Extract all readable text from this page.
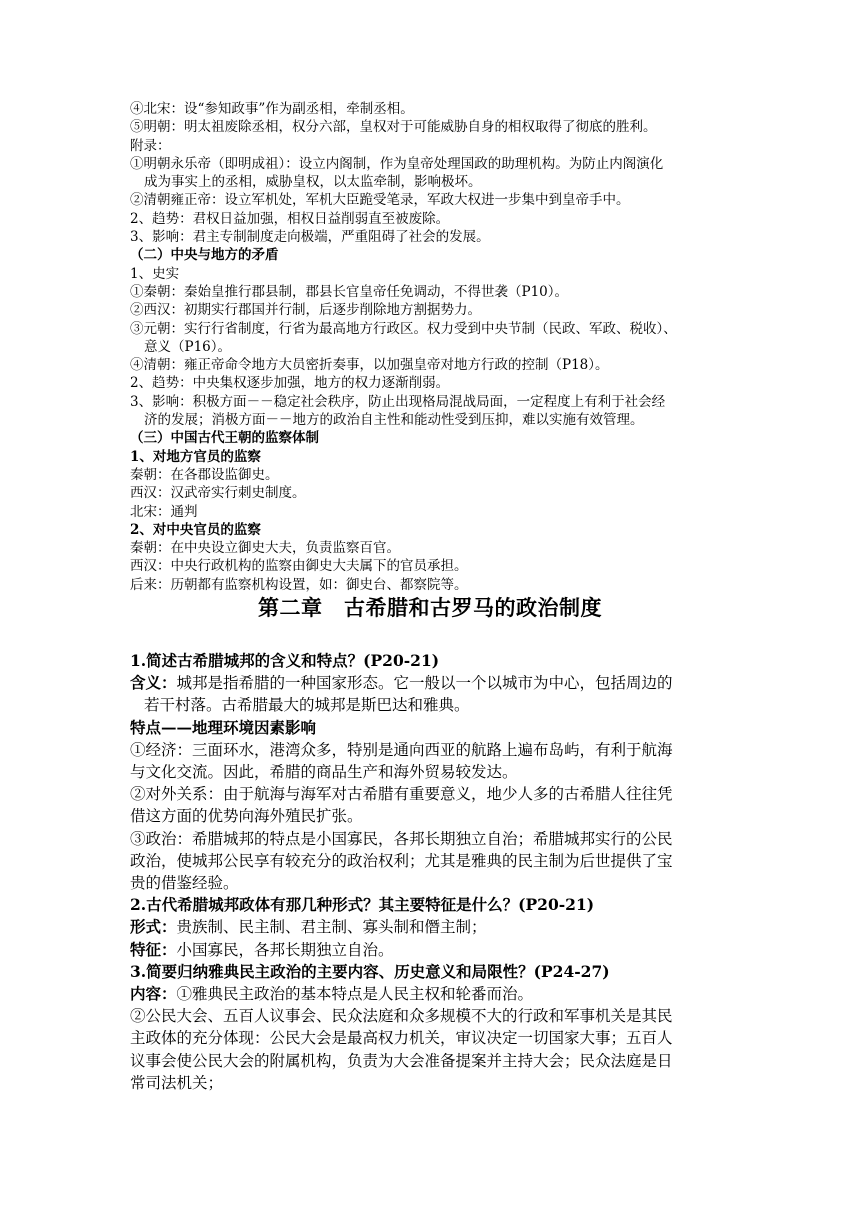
④北宋：设“参知政事”作为副丞相，牵制丞相。
⑤明朝：明太祖废除丞相，权分六部，皇权对于可能威胁自身的相权取得了彻底的胜利。
附录：
①明朝永乐帝（即明成祖）：设立内阁制，作为皇帝处理国政的助理机构。为防止内阁演化
成为事实上的丞相，威胁皇权，以太监牵制，影响极坏。
②清朝雍正帝：设立军机处，军机大臣跪受笔录，军政大权进一步集中到皇帝手中。
2、趋势：君权日益加强，相权日益削弱直至被废除。
3、影响：君主专制制度走向极端，严重阻碍了社会的发展。
（二）中央与地方的矛盾
1、史实
①秦朝：秦始皇推行郡县制，郡县长官皇帝任免调动，不得世袭（P10）。
②西汉：初期实行郡国并行制，后逐步削除地方割据势力。
③元朝：实行行省制度，行省为最高地方行政区。权力受到中央节制（民政、军政、税收）、
意义（P16）。
④清朝：雍正帝命令地方大员密折奏事，以加强皇帝对地方行政的控制（P18）。
2、趋势：中央集权逐步加强，地方的权力逐渐削弱。
3、影响：积极方面－－稳定社会秩序，防止出现格局混战局面，一定程度上有利于社会经
济的发展；消极方面－－地方的政治自主性和能动性受到压抑，难以实施有效管理。
（三）中国古代王朝的监察体制
1、对地方官员的监察
秦朝：在各郡设监御史。
西汉：汉武帝实行刺史制度。
北宋：通判
2、对中央官员的监察
秦朝：在中央设立御史大夫，负责监察百官。
西汉：中央行政机构的监察由御史大夫属下的官员承担。
后来：历朝都有监察机构设置，如：御史台、都察院等。
第二章　古希腊和古罗马的政治制度
1.简述古希腊城邦的含义和特点？(P20-21)
含义：城邦是指希腊的一种国家形态。它一般以一个以城市为中心，包括周边的
若干村落。古希腊最大的城邦是斯巴达和雅典。
特点——地理环境因素影响
①经济：三面环水，港湾众多，特别是通向西亚的航路上遍布岛屿，有利于航海
与文化交流。因此，希腊的商品生产和海外贸易较发达。
②对外关系：由于航海与海军对古希腊有重要意义，地少人多的古希腊人往往凭
借这方面的优势向海外殖民扩张。
③政治：希腊城邦的特点是小国寡民，各邦长期独立自治；希腊城邦实行的公民
政治，使城邦公民享有较充分的政治权利；尤其是雅典的民主制为后世提供了宝
贵的借鉴经验。
2.古代希腊城邦政体有那几种形式？其主要特征是什么？(P20-21)
形式：贵族制、民主制、君主制、寡头制和僭主制；
特征：小国寡民，各邦长期独立自治。
3.简要归纳雅典民主政治的主要内容、历史意义和局限性？(P24-27)
内容：①雅典民主政治的基本特点是人民主权和轮番而治。
②公民大会、五百人议事会、民众法庭和众多规模不大的行政和军事机关是其民
主政体的充分体现：公民大会是最高权力机关，审议决定一切国家大事；五百人
议事会使公民大会的附属机构，负责为大会准备提案并主持大会；民众法庭是日
常司法机关；
